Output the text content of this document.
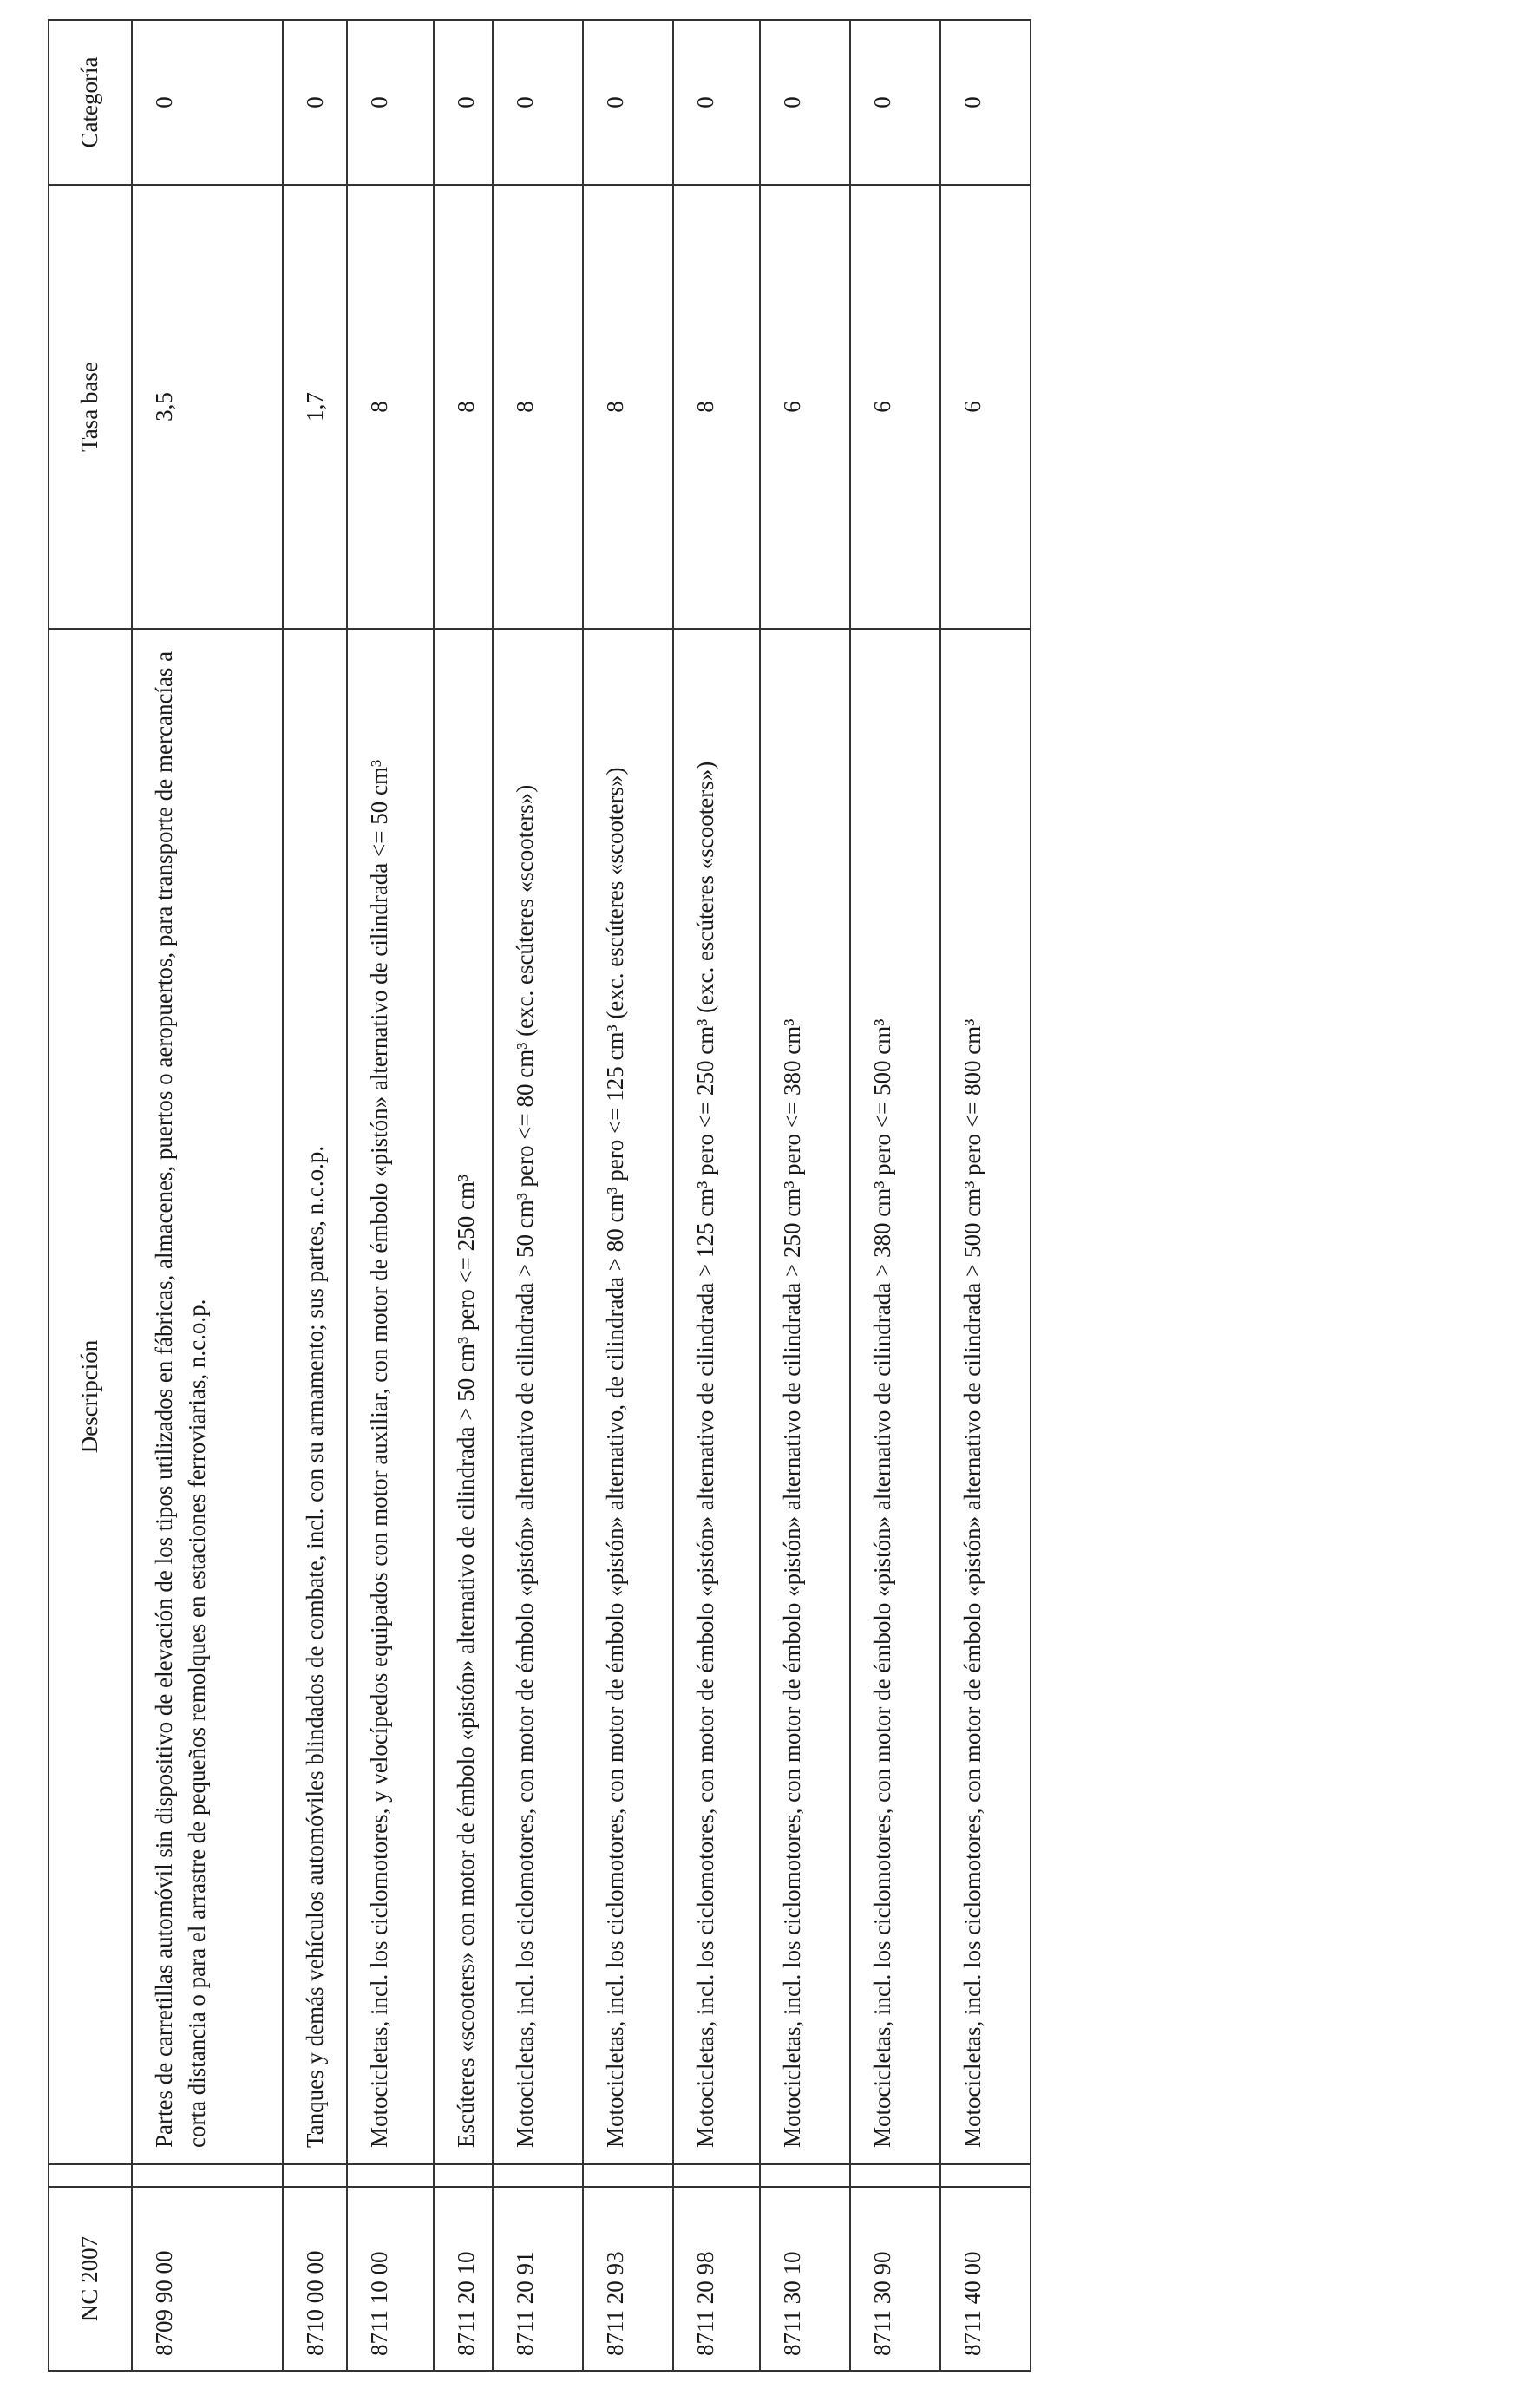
NC 2007		Descripción	Tasa base	Categoría
8709 90 00		Partes de carretillas automóvil sin dispositivo de elevación de los tipos utilizados en fábricas, almacenes, puertos o aeropuertos, para transporte de mercancías a corta distancia o para el arrastre de pequeños remolques en estaciones ferroviarias, n.c.o.p.	3,5	0
8710 00 00		Tanques y demás vehículos automóviles blindados de combate, incl. con su armamento; sus partes, n.c.o.p.	1,7	0
8711 10 00		Motocicletas, incl. los ciclomotores, y velocípedos equipados con motor auxiliar, con motor de émbolo «pistón» alternativo de cilindrada <= 50 cm³	8	0
8711 20 10		Escúteres «scooters» con motor de émbolo «pistón» alternativo de cilindrada > 50 cm³ pero <= 250 cm³	8	0
8711 20 91		Motocicletas, incl. los ciclomotores, con motor de émbolo «pistón» alternativo de cilindrada > 50 cm³ pero <= 80 cm³ (exc. escúteres «scooters»)	8	0
8711 20 93		Motocicletas, incl. los ciclomotores, con motor de émbolo «pistón» alternativo, de cilindrada > 80 cm³ pero <= 125 cm³ (exc. escúteres «scooters»)	8	0
8711 20 98		Motocicletas, incl. los ciclomotores, con motor de émbolo «pistón» alternativo de cilindrada > 125 cm³ pero <= 250 cm³ (exc. escúteres «scooters»)	8	0
8711 30 10		Motocicletas, incl. los ciclomotores, con motor de émbolo «pistón» alternativo de cilindrada > 250 cm³ pero <= 380 cm³	6	0
8711 30 90		Motocicletas, incl. los ciclomotores, con motor de émbolo «pistón» alternativo de cilindrada > 380 cm³ pero <= 500 cm³	6	0
8711 40 00		Motocicletas, incl. los ciclomotores, con motor de émbolo «pistón» alternativo de cilindrada > 500 cm³ pero <= 800 cm³	6	0
